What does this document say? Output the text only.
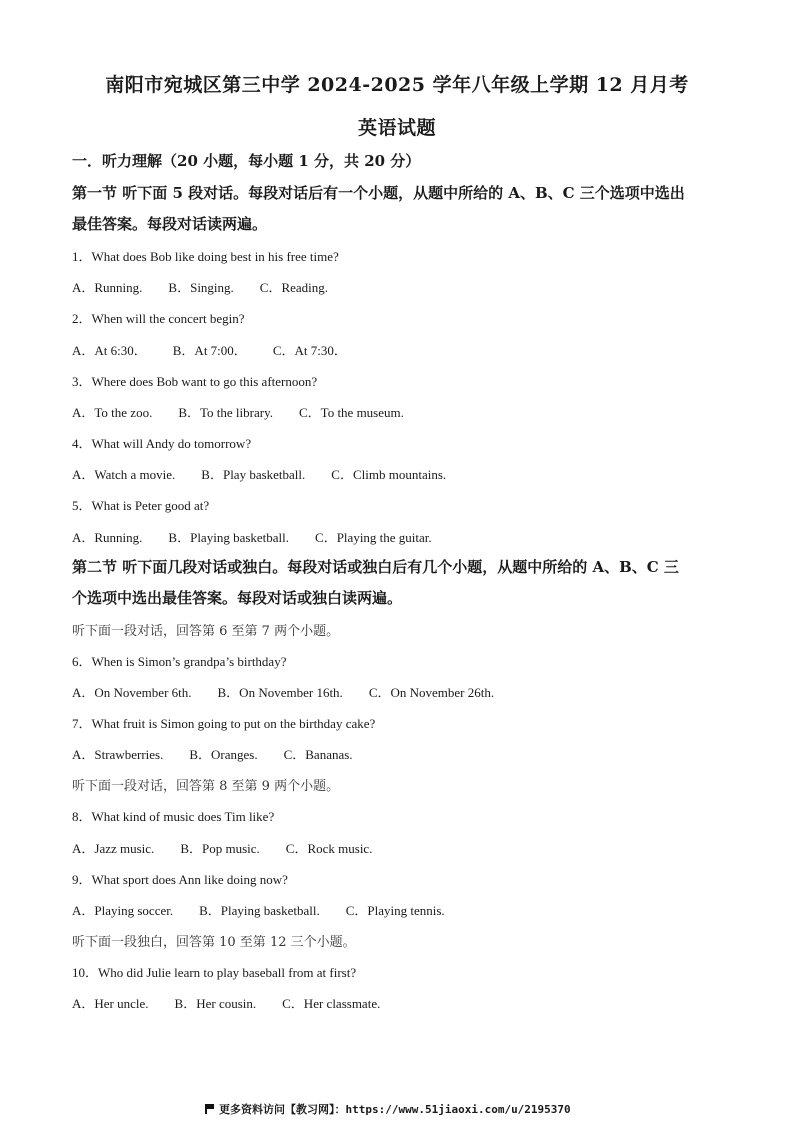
南阳市宛城区第三中学 2024-2025 学年八年级上学期 12 月月考
英语试题
一．听力理解（20 小题，每小题 1 分，共 20 分）
第一节 听下面 5 段对话。每段对话后有一个小题，从题中所给的 A、B、C 三个选项中选出
最佳答案。每段对话读两遍。
1．What does Bob like doing best in his free time?
A．Running. B．Singing. C．Reading.
2．When will the concert begin?
A．At 6:30． B．At 7:00． C．At 7:30．
3．Where does Bob want to go this afternoon?
A．To the zoo. B．To the library. C．To the museum.
4．What will Andy do tomorrow?
A．Watch a movie. B．Play basketball. C．Climb mountains.
5．What is Peter good at?
A．Running. B．Playing basketball. C．Playing the guitar.
第二节 听下面几段对话或独白。每段对话或独白后有几个小题，从题中所给的 A、B、C 三
个选项中选出最佳答案。每段对话或独白读两遍。
听下面一段对话，回答第 6 至第 7 两个小题。
6．When is Simon’s grandpa’s birthday?
A．On November 6th. B．On November 16th. C．On November 26th.
7．What fruit is Simon going to put on the birthday cake?
A．Strawberries. B．Oranges. C．Bananas.
听下面一段对话，回答第 8 至第 9 两个小题。
8．What kind of music does Tim like?
A．Jazz music. B．Pop music. C．Rock music.
9．What sport does Ann like doing now?
A．Playing soccer. B．Playing basketball. C．Playing tennis.
听下面一段独白，回答第 10 至第 12 三个小题。
10．Who did Julie learn to play baseball from at first?
A．Her uncle. B．Her cousin. C．Her classmate.
更多资料访问【教习网】：https://www.51jiaoxi.com/u/2195370
